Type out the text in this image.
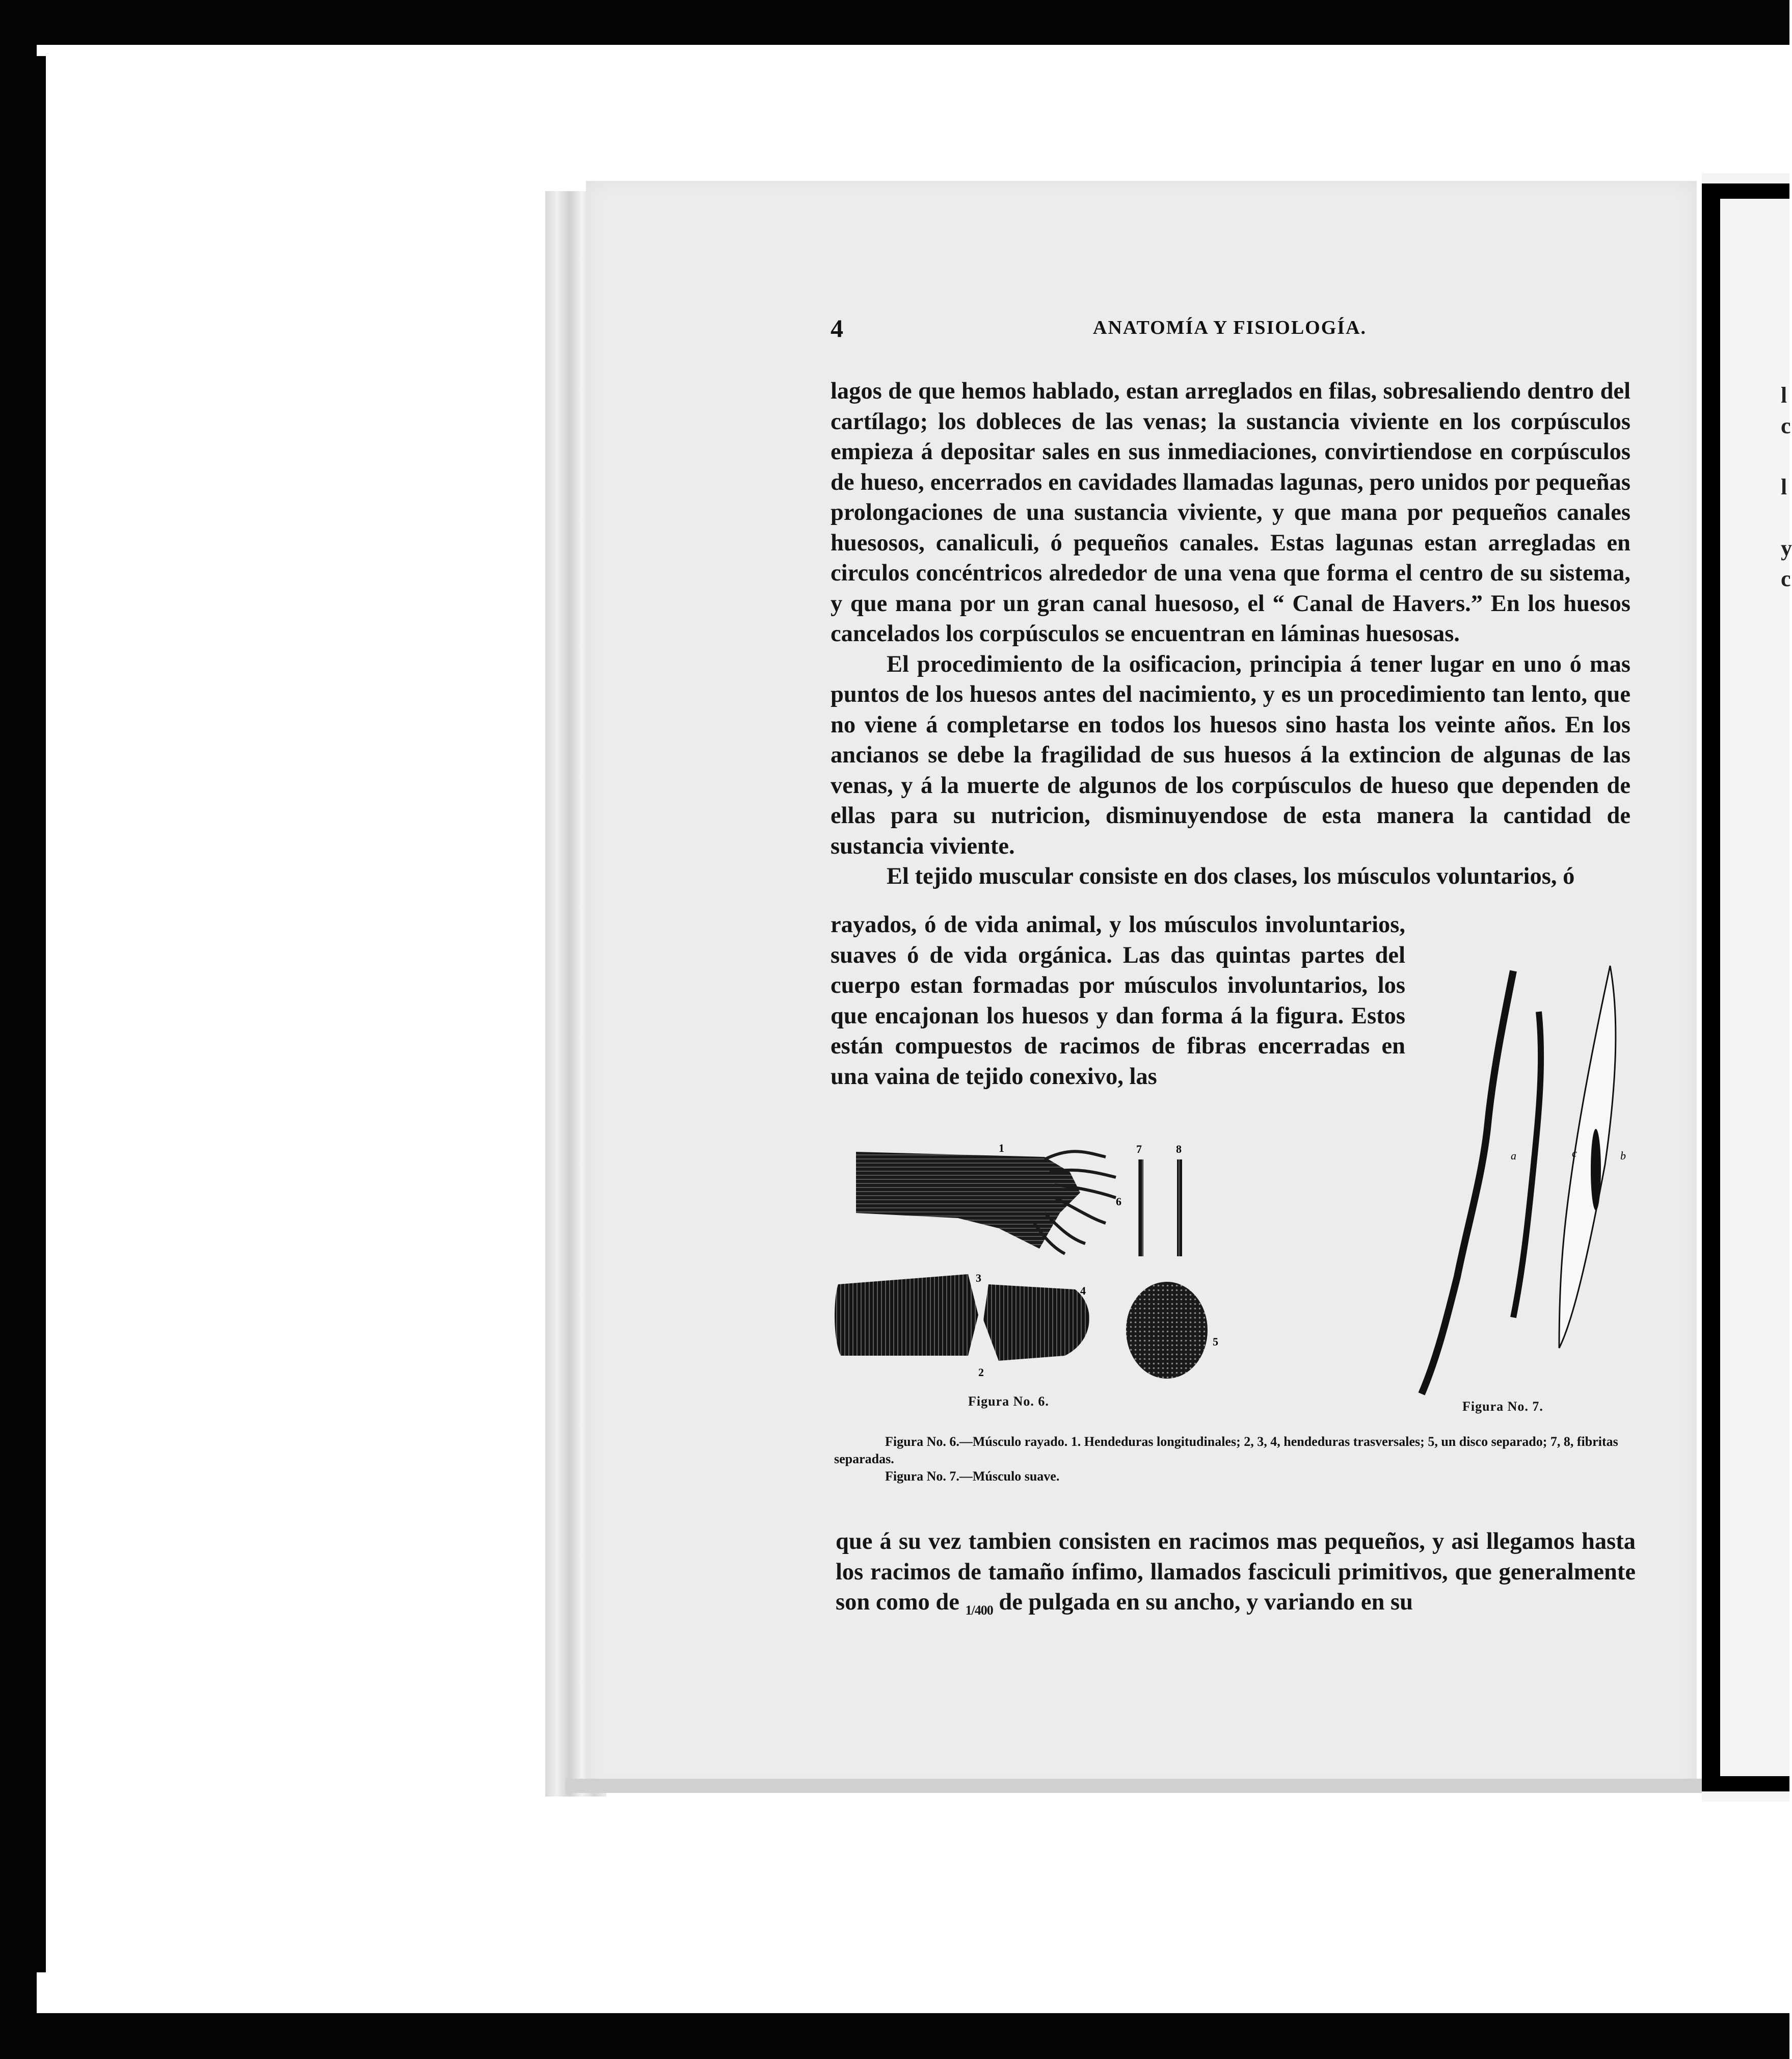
l
c
l
y
c
4	ANATOMÍA Y FISIOLOGÍA.

lagos de que hemos hablado, estan arreglados en filas, sobresaliendo dentro del cartílago; los dobleces de las venas; la sustancia viviente en los corpúsculos empieza á depositar sales en sus inmediaciones, convirtiendose en corpúsculos de hueso, encerrados en cavidades llamadas lagunas, pero unidos por pequeñas prolongaciones de una sustancia viviente, y que mana por pequeños canales huesosos, canaliculi, ó pequeños canales. Estas lagunas estan arregladas en circulos concéntricos alrededor de una vena que forma el centro de su sistema, y que mana por un gran canal huesoso, el “ Canal de Havers.” En los huesos cancelados los corpúsculos se encuentran en láminas huesosas.

El procedimiento de la osificacion, principia á tener lugar en uno ó mas puntos de los huesos antes del nacimiento, y es un procedimiento tan lento, que no viene á completarse en todos los huesos sino hasta los veinte años. En los ancianos se debe la fragilidad de sus huesos á la extincion de algunas de las venas, y á la muerte de algunos de los corpúsculos de hueso que dependen de ellas para su nutricion, disminuyendose de esta manera la cantidad de sustancia viviente.

El tejido muscular consiste en dos clases, los músculos voluntarios, ó

rayados, ó de vida animal, y los músculos involuntarios, suaves ó de vida orgánica. Las das quintas partes del cuerpo estan formadas por músculos involuntarios, los que encajonan los huesos y dan forma á la figura. Estos están compuestos de racimos de fibras encerradas en una vaina de tejido conexivo, las

1
2
3
4
5
6
7	8
Figura No. 6.
a	c	b
Figura No. 7.

Figura No. 6.—Músculo rayado. 1. Hendeduras longitudinales; 2, 3, 4, hendeduras trasversales; 5, un disco separado; 7, 8, fibritas separadas.

Figura No. 7.—Músculo suave.

que á su vez tambien consisten en racimos mas pequeños, y asi llegamos hasta los racimos de tamaño ínfimo, llamados fasciculi primitivos, que generalmente son como de $_{1/400}$ de pulgada en su ancho, y variando en su
